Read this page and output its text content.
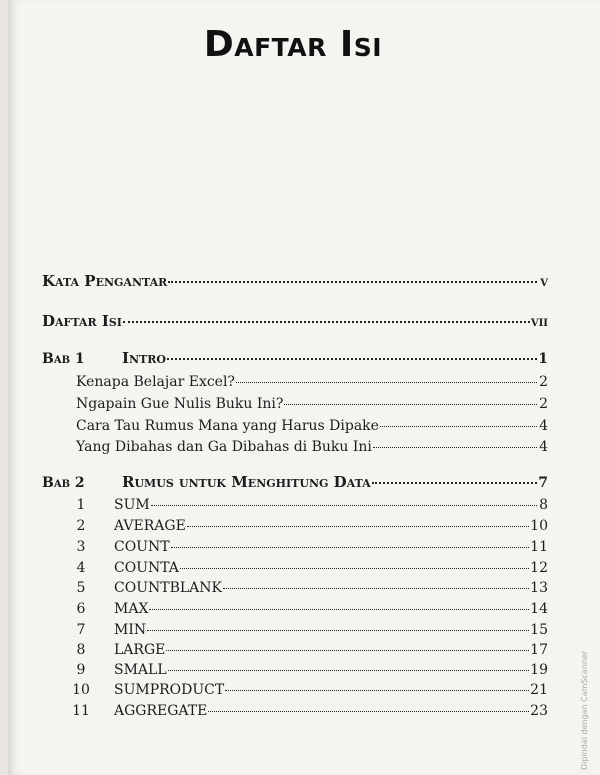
Daftar Isi
Kata Pengantar	v
Daftar Isi	vii
Bab 1	Intro	1
Kenapa Belajar Excel?	2
Ngapain Gue Nulis Buku Ini?	2
Cara Tau Rumus Mana yang Harus Dipake	4
Yang Dibahas dan Ga Dibahas di Buku Ini	4
Bab 2	Rumus untuk Menghitung Data	7
1	SUM	8
2	AVERAGE	10
3	COUNT	11
4	COUNTA	12
5	COUNTBLANK	13
6	MAX	14
7	MIN	15
8	LARGE	17
9	SMALL	19
10	SUMPRODUCT	21
11	AGGREGATE	23	Dipindai dengan CamScanner
